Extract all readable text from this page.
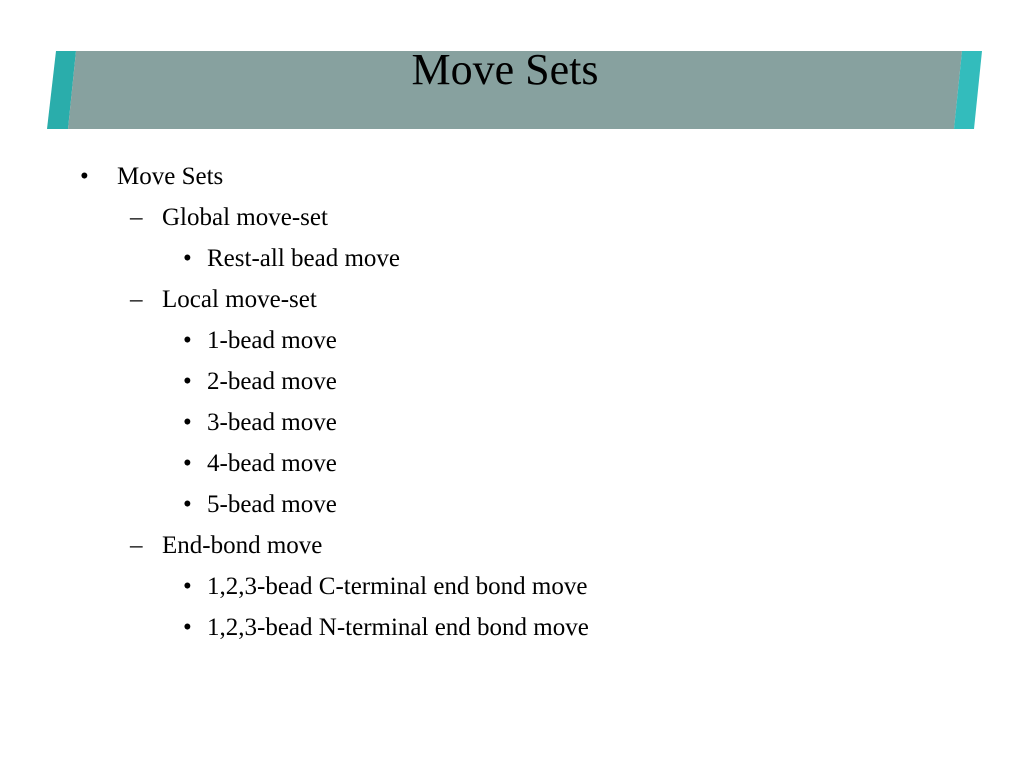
Move Sets
• Move Sets
– Global move-set
• Rest-all bead move
– Local move-set
• 1-bead move
• 2-bead move
• 3-bead move
• 4-bead move
• 5-bead move
– End-bond move
• 1,2,3-bead C-terminal end bond move
• 1,2,3-bead N-terminal end bond move
